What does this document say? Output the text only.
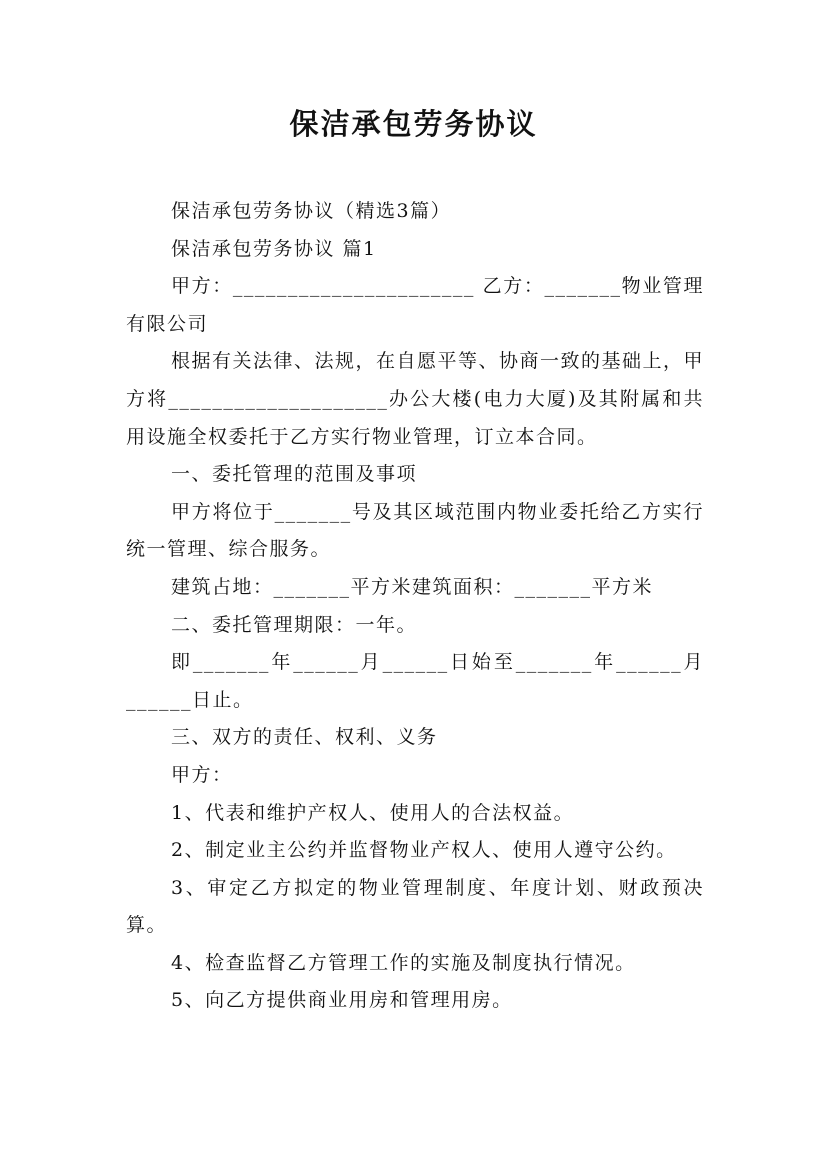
保洁承包劳务协议

保洁承包劳务协议（精选3篇）

保洁承包劳务协议 篇1

甲方：______________________ 乙方：_______物业管理有限公司

根据有关法律、法规，在自愿平等、协商一致的基础上，甲方将____________________办公大楼(电力大厦)及其附属和共用设施全权委托于乙方实行物业管理，订立本合同。

一、委托管理的范围及事项

甲方将位于_______号及其区域范围内物业委托给乙方实行统一管理、综合服务。

建筑占地：_______平方米建筑面积：_______平方米

二、委托管理期限：一年。

即_______年______月______日始至_______年______月______日止。

三、双方的责任、权利、义务

甲方：

1、代表和维护产权人、使用人的合法权益。

2、制定业主公约并监督物业产权人、使用人遵守公约。

3、审定乙方拟定的物业管理制度、年度计划、财政预决算。

4、检查监督乙方管理工作的实施及制度执行情况。

5、向乙方提供商业用房和管理用房。
